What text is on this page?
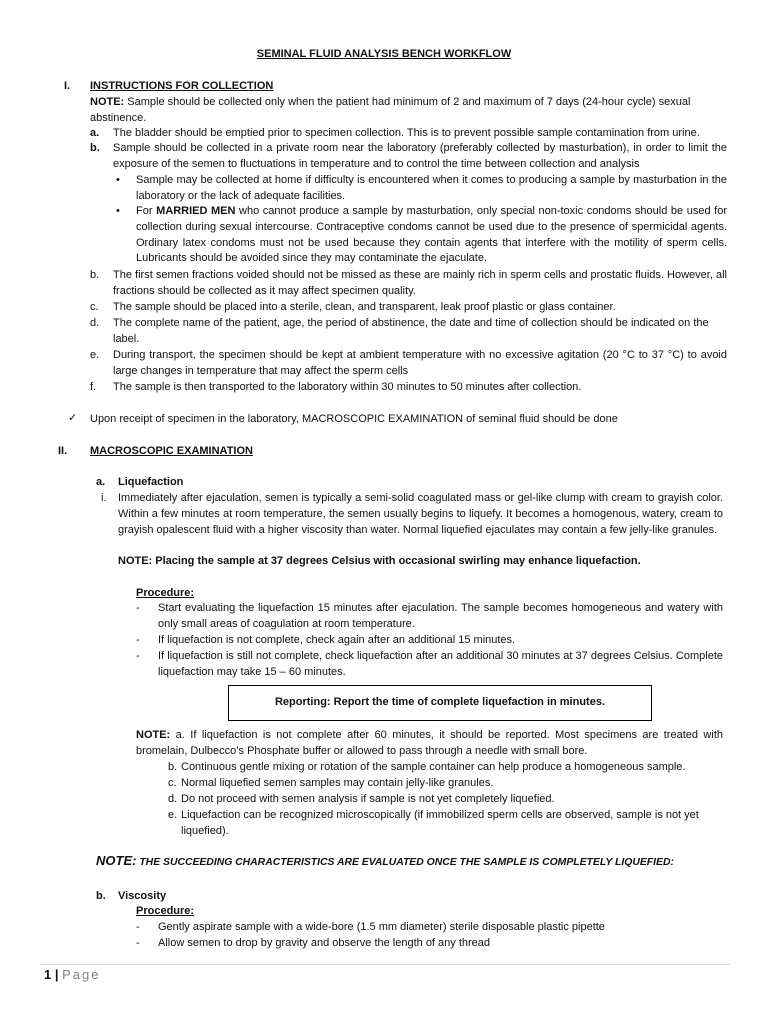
SEMINAL FLUID ANALYSIS BENCH WORKFLOW
I. INSTRUCTIONS FOR COLLECTION
NOTE: Sample should be collected only when the patient had minimum of 2 and maximum of 7 days (24-hour cycle) sexual abstinence.
a. The bladder should be emptied prior to specimen collection. This is to prevent possible sample contamination from urine.
b. Sample should be collected in a private room near the laboratory (preferably collected by masturbation), in order to limit the exposure of the semen to fluctuations in temperature and to control the time between collection and analysis
• Sample may be collected at home if difficulty is encountered when it comes to producing a sample by masturbation in the laboratory or the lack of adequate facilities.
• For MARRIED MEN who cannot produce a sample by masturbation, only special non-toxic condoms should be used for collection during sexual intercourse. Contraceptive condoms cannot be used due to the presence of spermicidal agents. Ordinary latex condoms must not be used because they contain agents that interfere with the motility of sperm cells. Lubricants should be avoided since they may contaminate the ejaculate.
b. The first semen fractions voided should not be missed as these are mainly rich in sperm cells and prostatic fluids. However, all fractions should be collected as it may affect specimen quality.
c. The sample should be placed into a sterile, clean, and transparent, leak proof plastic or glass container.
d. The complete name of the patient, age, the period of abstinence, the date and time of collection should be indicated on the label.
e. During transport, the specimen should be kept at ambient temperature with no excessive agitation (20 °C to 37 °C) to avoid large changes in temperature that may affect the sperm cells
f. The sample is then transported to the laboratory within 30 minutes to 50 minutes after collection.
✓ Upon receipt of specimen in the laboratory, MACROSCOPIC EXAMINATION of seminal fluid should be done
II. MACROSCOPIC EXAMINATION
a. Liquefaction
i. Immediately after ejaculation, semen is typically a semi-solid coagulated mass or gel-like clump with cream to grayish color. Within a few minutes at room temperature, the semen usually begins to liquefy. It becomes a homogenous, watery, cream to grayish opalescent fluid with a higher viscosity than water. Normal liquefied ejaculates may contain a few jelly-like granules.
NOTE: Placing the sample at 37 degrees Celsius with occasional swirling may enhance liquefaction.
Procedure:
- Start evaluating the liquefaction 15 minutes after ejaculation. The sample becomes homogeneous and watery with only small areas of coagulation at room temperature.
- If liquefaction is not complete, check again after an additional 15 minutes.
- If liquefaction is still not complete, check liquefaction after an additional 30 minutes at 37 degrees Celsius. Complete liquefaction may take 15 – 60 minutes.
Reporting: Report the time of complete liquefaction in minutes.
NOTE: a. If liquefaction is not complete after 60 minutes, it should be reported. Most specimens are treated with bromelain, Dulbecco’s Phosphate buffer or allowed to pass through a needle with small bore.
b. Continuous gentle mixing or rotation of the sample container can help produce a homogeneous sample.
c. Normal liquefied semen samples may contain jelly-like granules.
d. Do not proceed with semen analysis if sample is not yet completely liquefied.
e. Liquefaction can be recognized microscopically (if immobilized sperm cells are observed, sample is not yet liquefied).
NOTE: THE SUCCEEDING CHARACTERISTICS ARE EVALUATED ONCE THE SAMPLE IS COMPLETELY LIQUEFIED:
b. Viscosity
Procedure:
- Gently aspirate sample with a wide-bore (1.5 mm diameter) sterile disposable plastic pipette
- Allow semen to drop by gravity and observe the length of any thread
1 | Page
